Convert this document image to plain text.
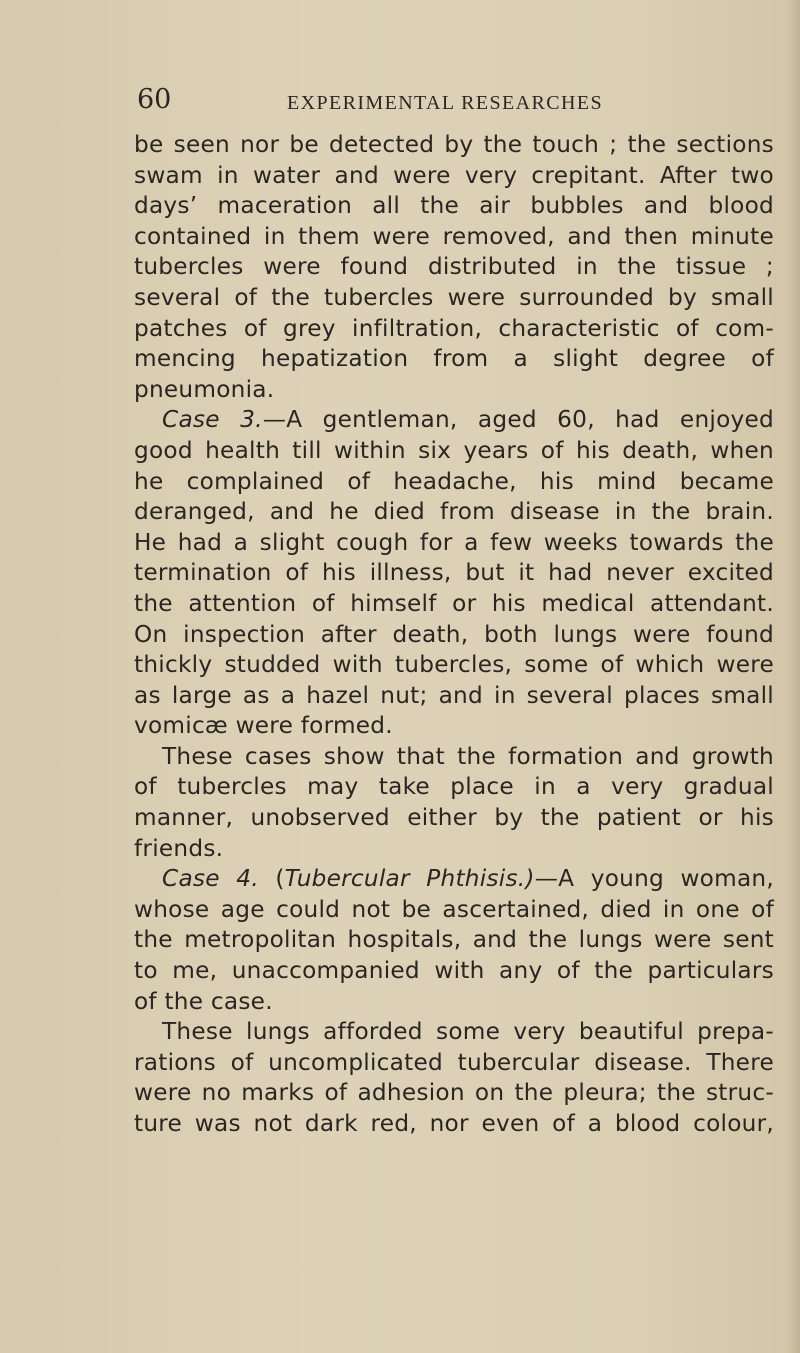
60	EXPERIMENTAL RESEARCHES
be seen nor be detected by the touch ; the sections
swam in water and were very crepitant. After two
days’ maceration all the air bubbles and blood
contained in them were removed, and then minute
tubercles were found distributed in the tissue ;
several of the tubercles were surrounded by small
patches of grey infiltration, characteristic of com-
mencing hepatization from a slight degree of
pneumonia.
Case 3.—A gentleman, aged 60, had enjoyed
good health till within six years of his death, when
he complained of headache, his mind became
deranged, and he died from disease in the brain.
He had a slight cough for a few weeks towards the
termination of his illness, but it had never excited
the attention of himself or his medical attendant.
On inspection after death, both lungs were found
thickly studded with tubercles, some of which were
as large as a hazel nut; and in several places small
vomicæ were formed.
These cases show that the formation and growth
of tubercles may take place in a very gradual
manner, unobserved either by the patient or his
friends.
Case 4. (Tubercular Phthisis.)—A young woman,
whose age could not be ascertained, died in one of
the metropolitan hospitals, and the lungs were sent
to me, unaccompanied with any of the particulars
of the case.
These lungs afforded some very beautiful prepa-
rations of uncomplicated tubercular disease. There
were no marks of adhesion on the pleura; the struc-
ture was not dark red, nor even of a blood colour,
